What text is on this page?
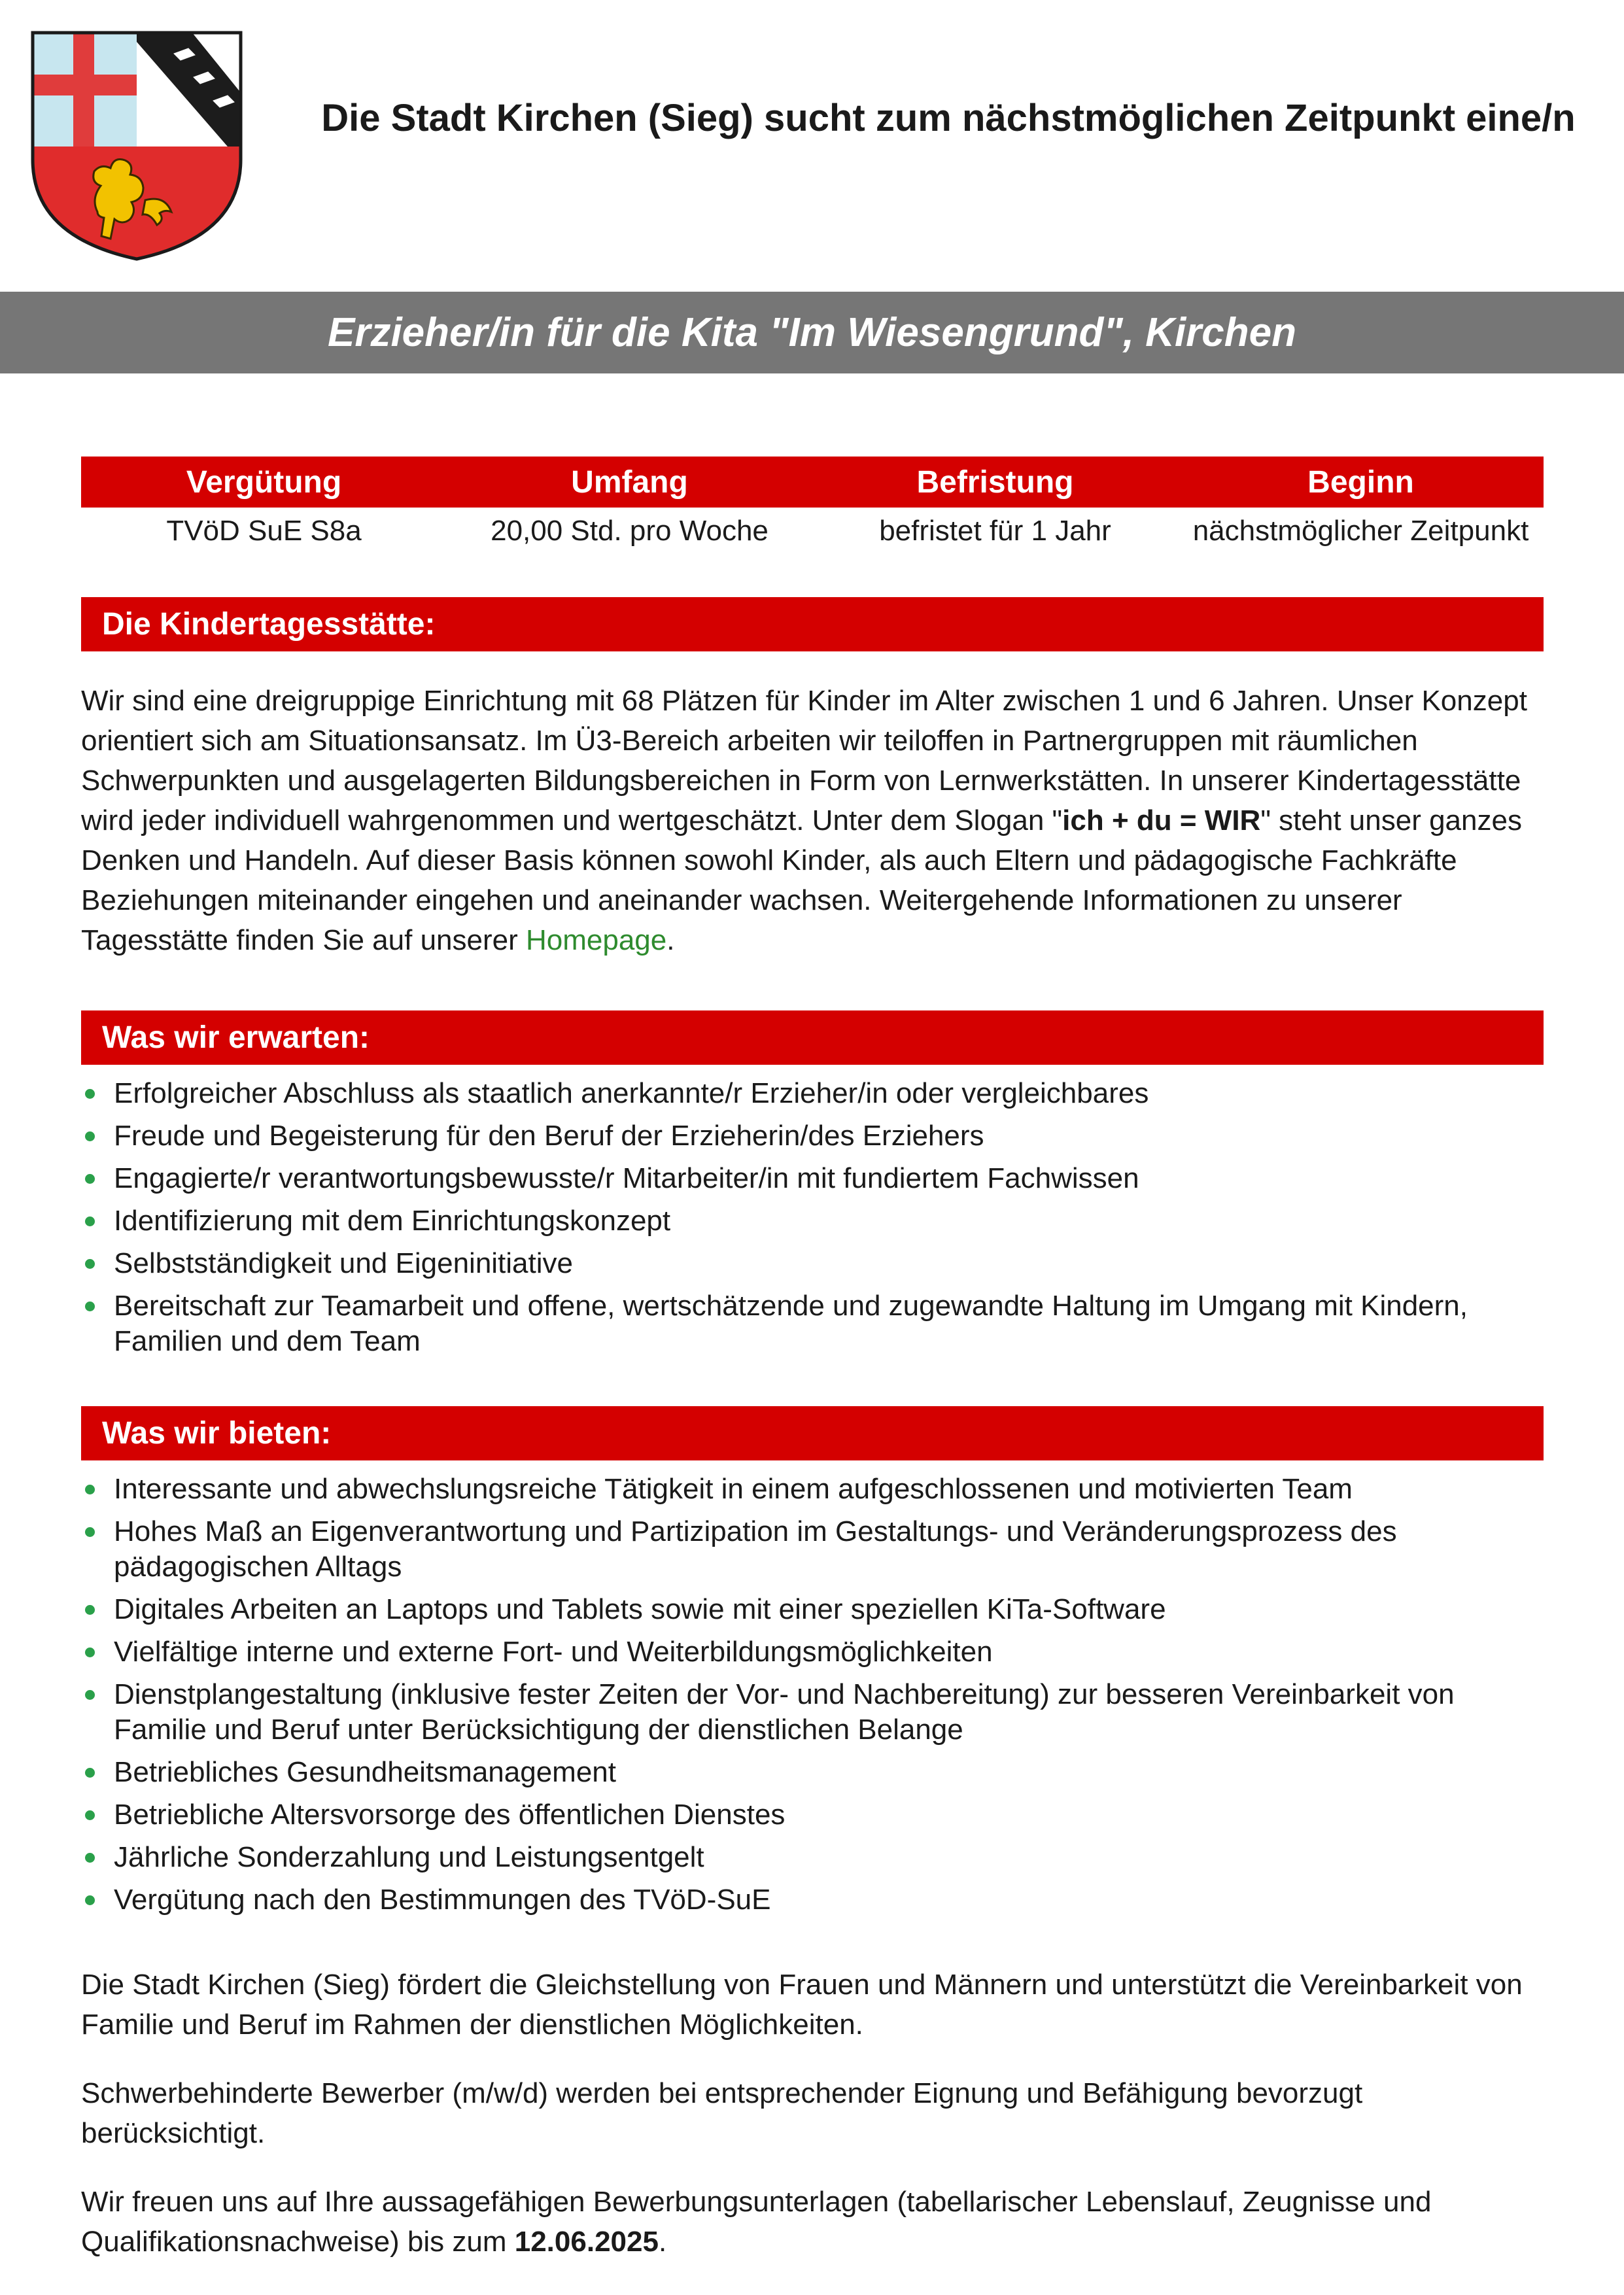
Die Stadt Kirchen (Sieg) sucht zum nächstmöglichen Zeitpunkt eine/n
Erzieher/in für die Kita "Im Wiesengrund", Kirchen
Vergütung	Umfang	Befristung	Beginn
TVöD SuE S8a	20,00 Std. pro Woche	befristet für 1 Jahr	nächstmöglicher Zeitpunkt
Die Kindertagesstätte:

Wir sind eine dreigruppige Einrichtung mit 68 Plätzen für Kinder im Alter zwischen 1 und 6 Jahren. Unser Konzept orientiert sich am Situationsansatz. Im Ü3-Bereich arbeiten wir teiloffen in Partnergruppen mit räumlichen Schwerpunkten und ausgelagerten Bildungsbereichen in Form von Lernwerkstätten. In unserer Kindertagesstätte wird jeder individuell wahrgenommen und wertgeschätzt. Unter dem Slogan "ich + du = WIR" steht unser ganzes Denken und Handeln. Auf dieser Basis können sowohl Kinder, als auch Eltern und pädagogische Fachkräfte Beziehungen miteinander eingehen und aneinander wachsen. Weitergehende Informationen zu unserer Tagesstätte finden Sie auf unserer Homepage.

Was wir erwarten:
Erfolgreicher Abschluss als staatlich anerkannte/r Erzieher/in oder vergleichbares
Freude und Begeisterung für den Beruf der Erzieherin/des Erziehers
Engagierte/r verantwortungsbewusste/r Mitarbeiter/in mit fundiertem Fachwissen
Identifizierung mit dem Einrichtungskonzept
Selbstständigkeit und Eigeninitiative
Bereitschaft zur Teamarbeit und offene, wertschätzende und zugewandte Haltung im Umgang mit Kindern, Familien und dem Team
Was wir bieten:
Interessante und abwechslungsreiche Tätigkeit in einem aufgeschlossenen und motivierten Team
Hohes Maß an Eigenverantwortung und Partizipation im Gestaltungs- und Veränderungsprozess des pädagogischen Alltags
Digitales Arbeiten an Laptops und Tablets sowie mit einer speziellen KiTa-Software
Vielfältige interne und externe Fort- und Weiterbildungsmöglichkeiten
Dienstplangestaltung (inklusive fester Zeiten der Vor- und Nachbereitung) zur besseren Vereinbarkeit von Familie und Beruf unter Berücksichtigung der dienstlichen Belange
Betriebliches Gesundheitsmanagement
Betriebliche Altersvorsorge des öffentlichen Dienstes
Jährliche Sonderzahlung und Leistungsentgelt
Vergütung nach den Bestimmungen des TVöD-SuE

Die Stadt Kirchen (Sieg) fördert die Gleichstellung von Frauen und Männern und unterstützt die Vereinbarkeit von Familie und Beruf im Rahmen der dienstlichen Möglichkeiten.

Schwerbehinderte Bewerber (m/w/d) werden bei entsprechender Eignung und Befähigung bevorzugt berücksichtigt.

Wir freuen uns auf Ihre aussagefähigen Bewerbungsunterlagen (tabellarischer Lebenslauf, Zeugnisse und Qualifikationsnachweise) bis zum 12.06.2025.
